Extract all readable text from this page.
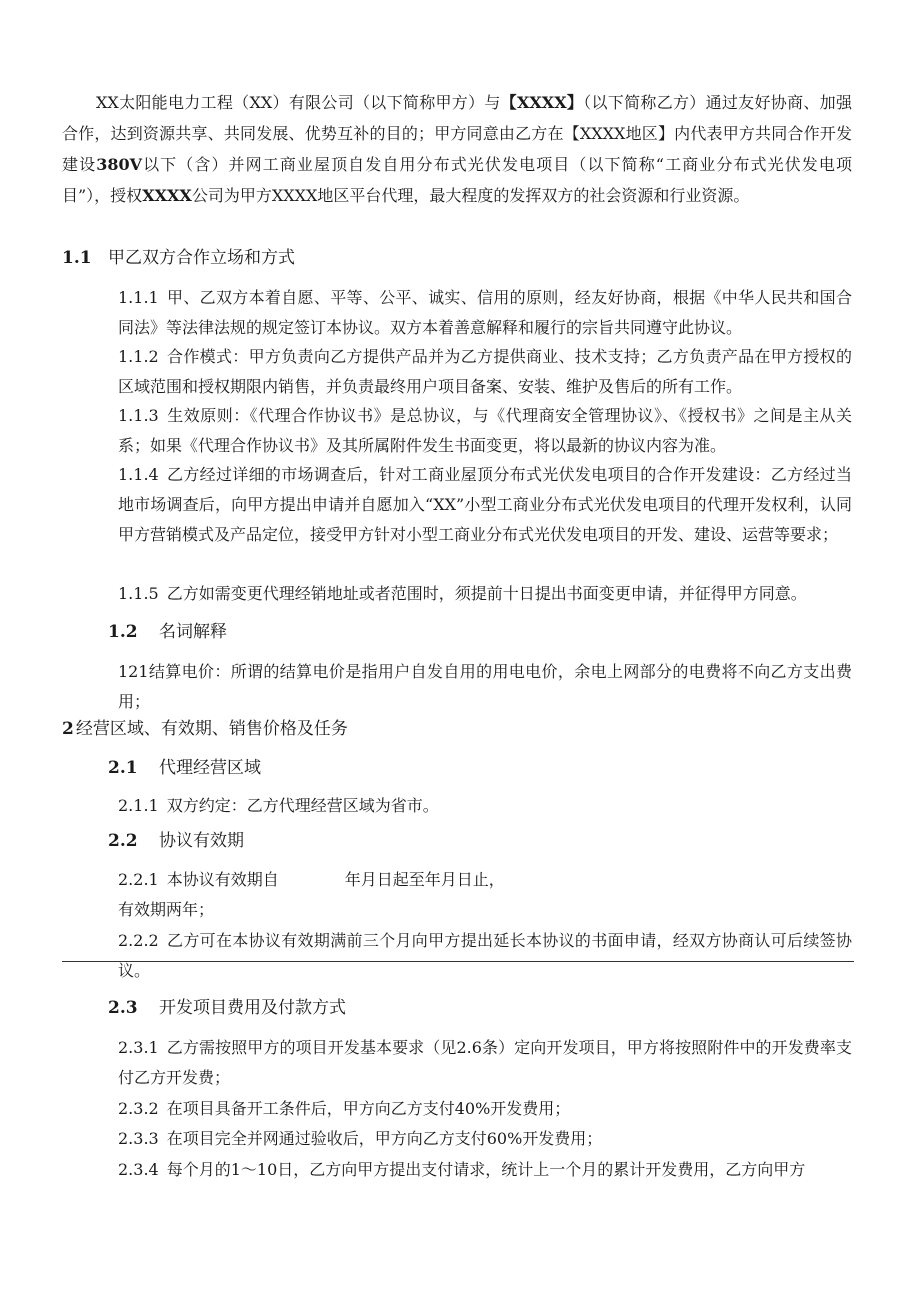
XX太阳能电力工程（XX）有限公司（以下简称甲方）与【XXXX】（以下简称乙方）通过友好协商、加强合作，达到资源共享、共同发展、优势互补的目的；甲方同意由乙方在【XXXX地区】内代表甲方共同合作开发建设380V以下（含）并网工商业屋顶自发自用分布式光伏发电项目（以下简称“工商业分布式光伏发电项目”），授权XXXX公司为甲方XXXX地区平台代理，最大程度的发挥双方的社会资源和行业资源。
1.1 甲乙双方合作立场和方式
1.1.1 甲、乙双方本着自愿、平等、公平、诚实、信用的原则，经友好协商，根据《中华人民共和国合同法》等法律法规的规定签订本协议。双方本着善意解释和履行的宗旨共同遵守此协议。
1.1.2 合作模式：甲方负责向乙方提供产品并为乙方提供商业、技术支持；乙方负责产品在甲方授权的区域范围和授权期限内销售，并负责最终用户项目备案、安装、维护及售后的所有工作。
1.1.3 生效原则：《代理合作协议书》是总协议，与《代理商安全管理协议》、《授权书》之间是主从关系；如果《代理合作协议书》及其所属附件发生书面变更，将以最新的协议内容为准。
1.1.4 乙方经过详细的市场调查后，针对工商业屋顶分布式光伏发电项目的合作开发建设：乙方经过当地市场调查后，向甲方提出申请并自愿加入“XX”小型工商业分布式光伏发电项目的代理开发权利，认同甲方营销模式及产品定位，接受甲方针对小型工商业分布式光伏发电项目的开发、建设、运营等要求；
1.1.5 乙方如需变更代理经销地址或者范围时，须提前十日提出书面变更申请，并征得甲方同意。
1.2 名词解释
121结算电价：所谓的结算电价是指用户自发自用的用电电价，余电上网部分的电费将不向乙方支出费用；
2 经营区域、有效期、销售价格及任务
2.1 代理经营区域
2.1.1 双方约定：乙方代理经营区域为省市。
2.2 协议有效期
2.2.1 本协议有效期自	年月日起至年月日止，
有效期两年；
2.2.2 乙方可在本协议有效期满前三个月向甲方提出延长本协议的书面申请，经双方协商认可后续签协议。
2.3 开发项目费用及付款方式
2.3.1 乙方需按照甲方的项目开发基本要求（见2.6条）定向开发项目，甲方将按照附件中的开发费率支付乙方开发费；
2.3.2 在项目具备开工条件后，甲方向乙方支付40%开发费用；
2.3.3 在项目完全并网通过验收后，甲方向乙方支付60%开发费用；
2.3.4 每个月的1～10日，乙方向甲方提出支付请求，统计上一个月的累计开发费用，乙方向甲方
